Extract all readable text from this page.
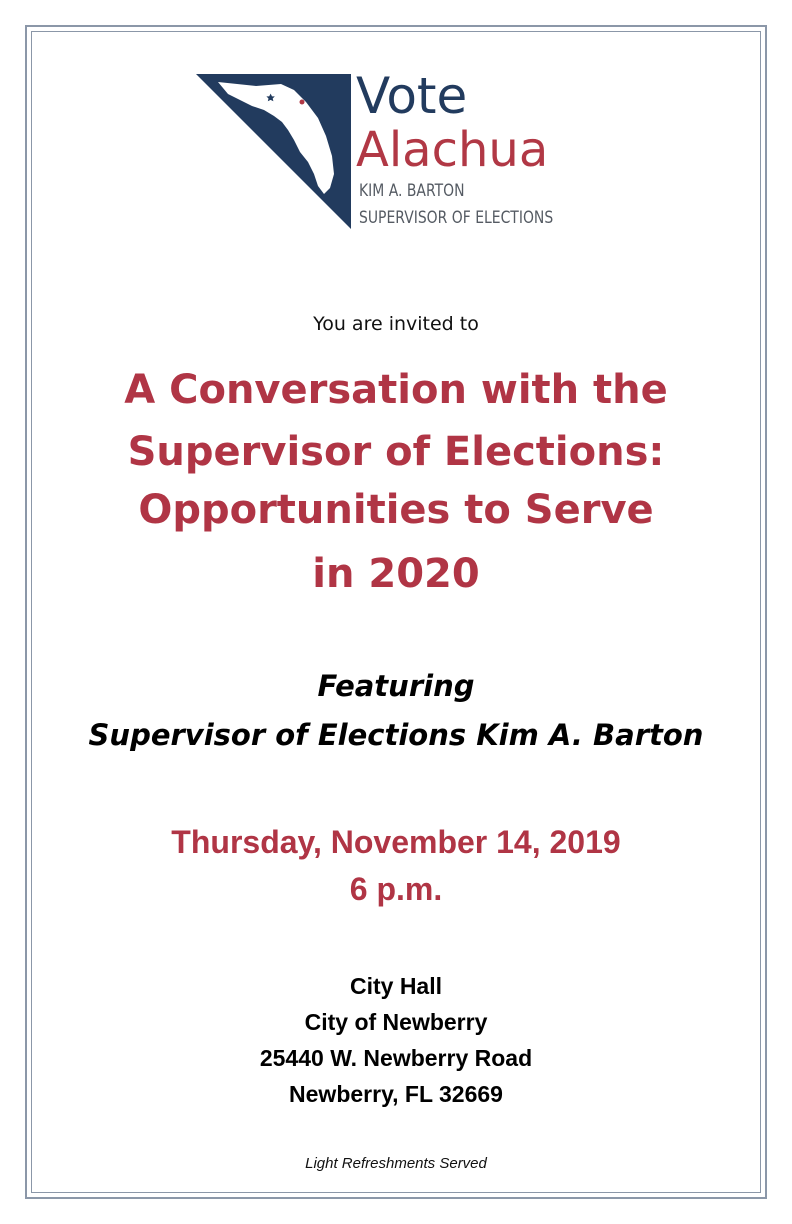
Vote
Alachua
KIM A. BARTON
SUPERVISOR OF ELECTIONS
You are invited to
A Conversation with the
Supervisor of Elections:
Opportunities to Serve
in 2020
Featuring
Supervisor of Elections Kim A. Barton
Thursday, November 14, 2019
6 p.m.
City Hall
City of Newberry
25440 W. Newberry Road
Newberry, FL 32669
Light Refreshments Served
